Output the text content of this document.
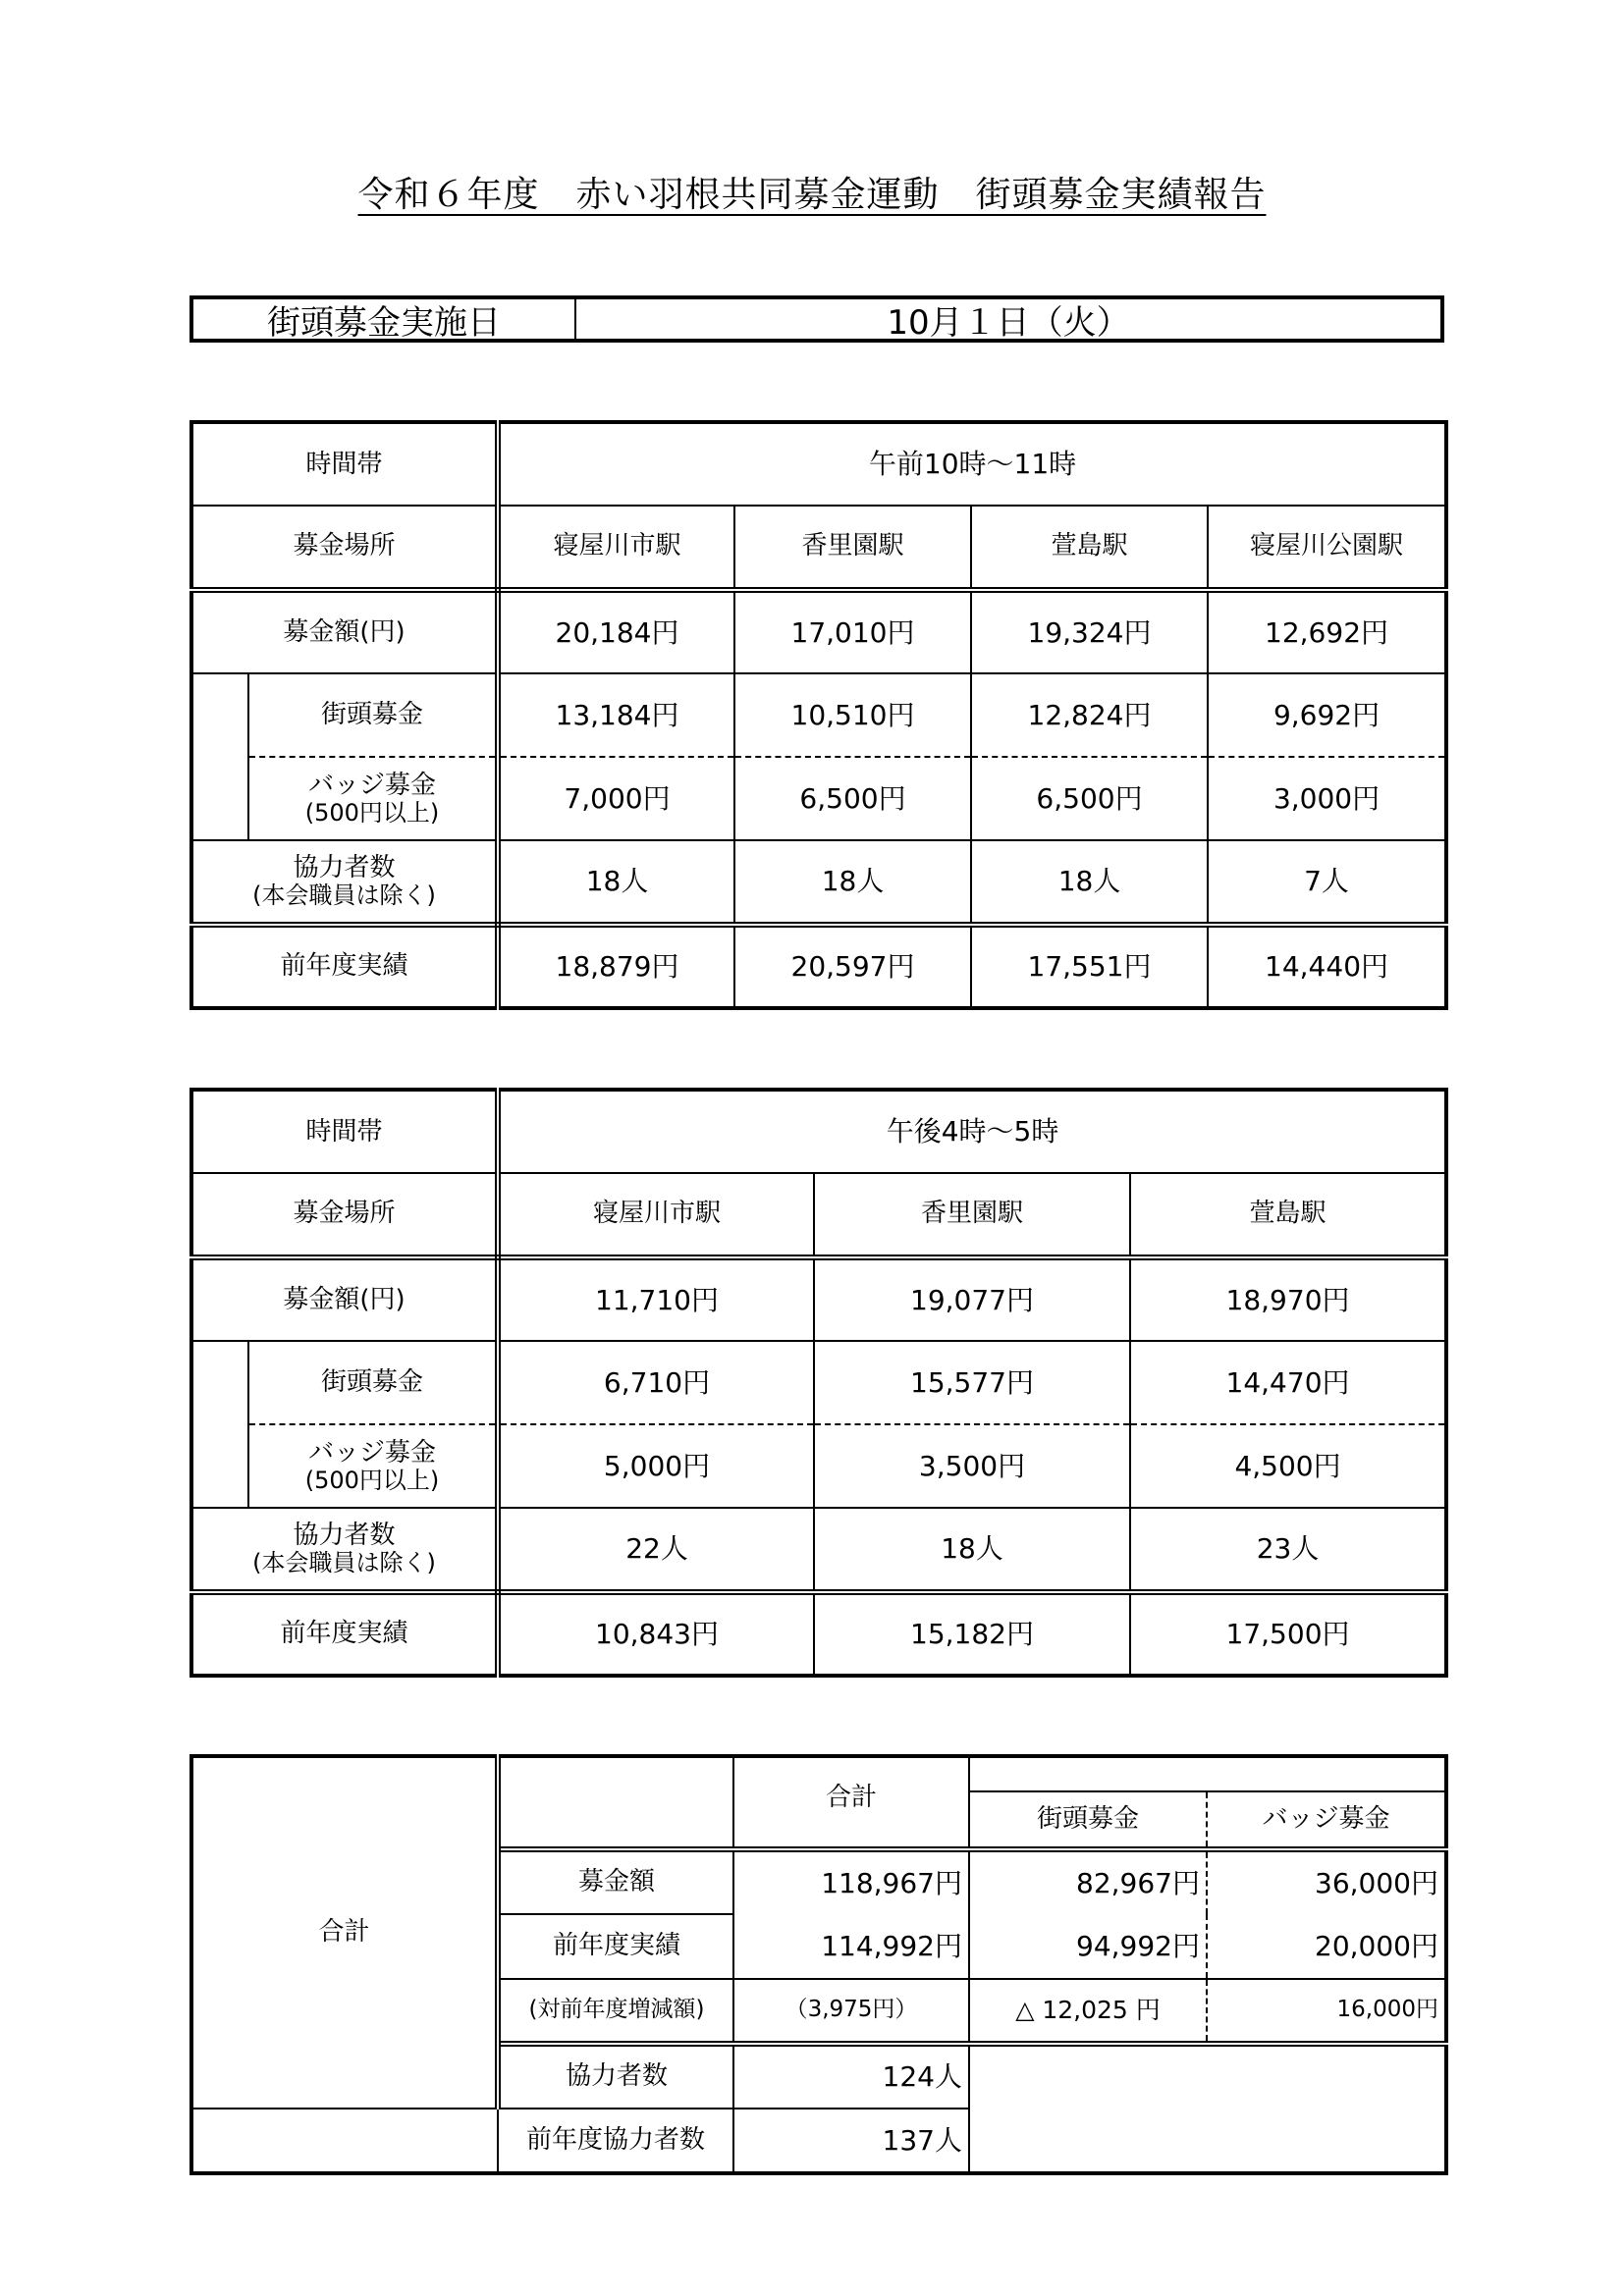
令和６年度　赤い羽根共同募金運動　街頭募金実績報告
街頭募金実施日	10月１日（火）
時間帯		午前10時～11時			
募金場所		寝屋川市駅	香里園駅	萱島駅	寝屋川公園駅
募金額(円)		20,184円	17,010円	19,324円	12,692円
	街頭募金	13,184円	10,510円	12,824円	9,692円

	バッジ募金
(500円以上)	7,000円	6,500円	6,500円	3,000円

協力者数
(本会職員は除く)		18人	18人	18人	7人
前年度実績		18,879円	20,597円	17,551円	14,440円
時間帯		午後4時～5時		
募金場所		寝屋川市駅	香里園駅	萱島駅
募金額(円)		11,710円	19,077円	18,970円
	街頭募金	6,710円	15,577円	14,470円

	バッジ募金
(500円以上)	5,000円	3,500円	4,500円

協力者数
(本会職員は除く)		22人	18人	23人
前年度実績		10,843円	15,182円	17,500円
合計		合計		
			街頭募金	バッジ募金
	募金額	118,967円	82,967円	36,000円
	前年度実績	114,992円	94,992円	20,000円
	(対前年度増減額)	（3,975円）	△ 12,025 円	16,000円
	協力者数	124人		
	前年度協力者数	137人		
